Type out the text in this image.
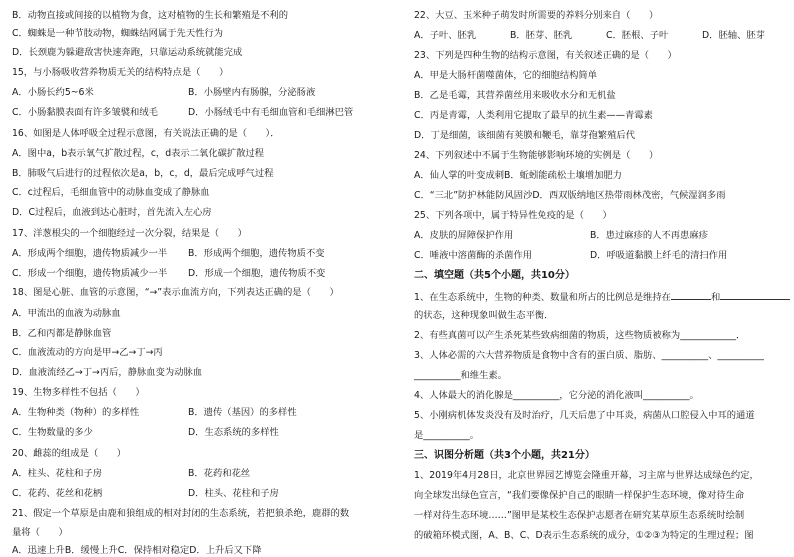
B．动物直接或间接的以植物为食，这对植物的生长和繁殖是不利的
C．蜘蛛是一种节肢动物，蜘蛛结网属于先天性行为
D．长颈鹿为躲避敌害快速奔跑，只靠运动系统就能完成
15，与小肠吸收营养物质无关的结构特点是（　　）
A．小肠长约5~6米	B．小肠壁内有肠腺，分泌肠液
C．小肠黏膜表面有许多皱襞和绒毛	D．小肠绒毛中有毛细血管和毛细淋巴管
16、如图是人体呼吸全过程示意图，有关说法正确的是（　　）．
A．图中a，b表示氧气扩散过程，c，d表示二氧化碳扩散过程
B．肺吸气后进行的过程依次是a，b，c，d，最后完成呼气过程
C．c过程后，毛细血管中的动脉血变成了静脉血
D．C过程后，血液到达心脏时，首先流入左心房
17、洋葱根尖的一个细胞经过一次分裂，结果是（　　）
A．形成两个细胞，遗传物质减少一半 B．形成两个细胞，遗传物质不变
C．形成一个细胞，遗传物质减少一半 D．形成一个细胞，遗传物质不变
18、图是心脏、血管的示意图，“→”表示血流方向，下列表达正确的是（　　）
A．甲流出的血液为动脉血
B．乙和丙都是静脉血管
C．血液流动的方向是甲→乙→丁→丙
D．血液流经乙→丁→丙后，静脉血变为动脉血
19、生物多样性不包括（　　）
A．生物种类（物种）的多样性	B．遗传（基因）的多样性
C．生物数量的多少	D．生态系统的多样性
20、雌蕊的组成是（　　）
A．柱头、花柱和子房	B．花药和花丝
C．花药、花丝和花柄	D．柱头、花柱和子房
21、假定一个草原是由鹿和狼组成的相对封闭的生态系统，若把狼杀绝，鹿群的数
量将（　　）
A．迅速上升B．缓慢上升C．保持相对稳定D．上升后又下降
22、大豆、玉米种子萌发时所需要的养料分别来自（　　）
A．子叶、胚乳	B．胚芽、胚乳	C．胚根、子叶	D．胚轴、胚芽
23、下列是四种生物的结构示意图，有关叙述正确的是（　　）
A．甲是大肠杆菌噬菌体，它的细胞结构简单
B．乙是毛霉，其营养菌丝用来吸收水分和无机盐
C．丙是青霉，人类利用它提取了最早的抗生素——青霉素
D．丁是细菌，该细菌有荚膜和鞭毛，靠芽孢繁殖后代
24、下列叙述中不属于生物能够影响环境的实例是（　　）
A．仙人掌的叶变成刺B．蚯蚓能疏松土壤增加肥力
C．“三北”防护林能防风固沙D．西双版纳地区热带雨林茂密，气候湿润多雨
25、下列各项中，属于特异性免疫的是（　　）
A．皮肤的屏障保护作用	B．患过麻疹的人不再患麻疹
C．唾液中溶菌酶的杀菌作用	D．呼吸道黏膜上纤毛的清扫作用
二、填空题（共5个小题，共10分）
1、在生态系统中，生物的种类、数量和所占的比例总是维持在	和
的状态，这种现象叫做生态平衡．
2、有些真菌可以产生杀死某些致病细菌的物质，这些物质被称为____________．
3、人体必需的六大营养物质是食物中含有的蛋白质、脂肪、__________、__________
__________和维生素。
4、人体最大的消化腺是__________，它分泌的消化液叫__________。
5、小刚病机体发炎没有及时治疗，几天后患了中耳炎，病菌从口腔侵入中耳的通道
是__________。
三、识图分析题（共3个小题，共21分）
1、2019年4月28日，北京世界园艺博览会隆重开幕，习主席与世界达成绿色约定，
向全球发出绿色宣言，“我们要像保护自己的眼睛一样保护生态环境，像对待生命
一样对待生态环境……”图甲是某校生态保护志愿者在研究某草原生态系统时绘制
的破箱环模式图，A、B、C、D表示生态系统的成分，①②③为特定的生理过程；图
